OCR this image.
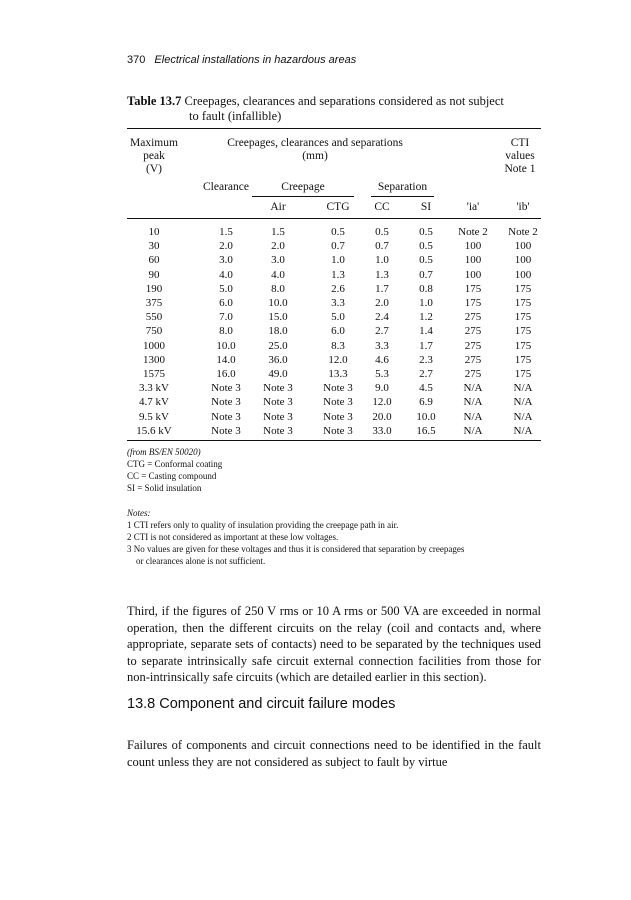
370 Electrical installations in hazardous areas
Table 13.7 Creepages, clearances and separations considered as not subject
to fault (infallible)
Maximum
peak
(V)
Creepages, clearances and separations
(mm)
CTI
values
Note 1
Clearance	Creepage	Separation
Air	CTG	CC	SI	'ia'	'ib'
10	1.5	1.5	0.5	0.5	0.5	Note 2	Note 2
30	2.0	2.0	0.7	0.7	0.5	100	100
60	3.0	3.0	1.0	1.0	0.5	100	100
90	4.0	4.0	1.3	1.3	0.7	100	100
190	5.0	8.0	2.6	1.7	0.8	175	175
375	6.0	10.0	3.3	2.0	1.0	175	175
550	7.0	15.0	5.0	2.4	1.2	275	175
750	8.0	18.0	6.0	2.7	1.4	275	175
1000	10.0	25.0	8.3	3.3	1.7	275	175
1300	14.0	36.0	12.0	4.6	2.3	275	175
1575	16.0	49.0	13.3	5.3	2.7	275	175
3.3 kV	Note 3	Note 3	Note 3	9.0	4.5	N/A	N/A
4.7 kV	Note 3	Note 3	Note 3	12.0	6.9	N/A	N/A
9.5 kV	Note 3	Note 3	Note 3	20.0	10.0	N/A	N/A
15.6 kV	Note 3	Note 3	Note 3	33.0	16.5	N/A	N/A
(from BS/EN 50020)
CTG = Conformal coating
CC = Casting compound
SI = Solid insulation
Notes:
1 CTI refers only to quality of insulation providing the creepage path in air.
2 CTI is not considered as important at these low voltages.
3 No values are given for these voltages and thus it is considered that separation by creepages
or clearances alone is not sufficient.
Third, if the figures of 250 V rms or 10 A rms or 500 VA are exceeded in normal operation, then the different circuits on the relay (coil and contacts and, where appropriate, separate sets of contacts) need to be separated by the techniques used to separate intrinsically safe circuit external connection facilities from those for non-intrinsically safe circuits (which are detailed earlier in this section).
13.8 Component and circuit failure modes
Failures of components and circuit connections need to be identified in the fault count unless they are not considered as subject to fault by virtue
